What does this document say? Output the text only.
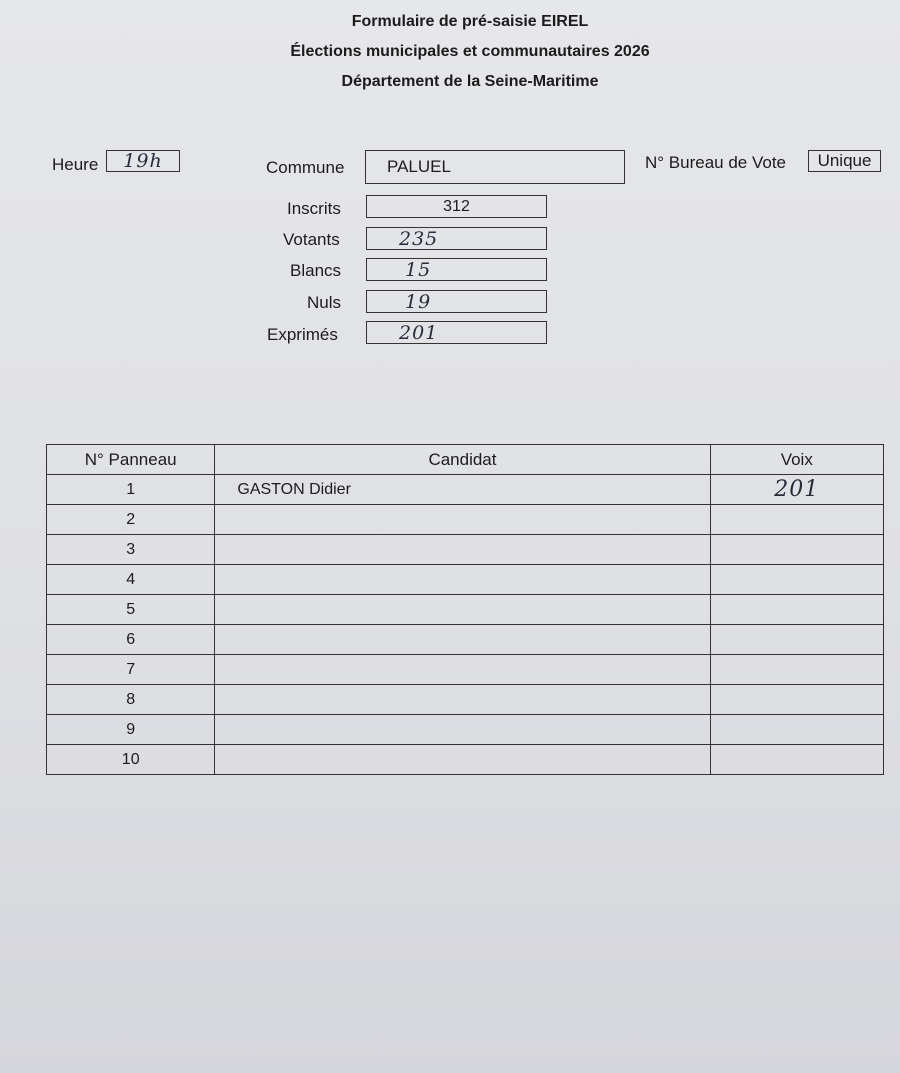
Formulaire de pré-saisie EIREL
Élections municipales et communautaires 2026
Département de la Seine-Maritime
Heure	19h	Commune	PALUEL	N° Bureau de Vote	Unique
Inscrits	312
Votants	235
Blancs	15
Nuls	19
Exprimés	201
N° Panneau	Candidat	Voix
1	GASTON Didier	201
2		
3		
4		
5		
6		
7		
8		
9		
10		
